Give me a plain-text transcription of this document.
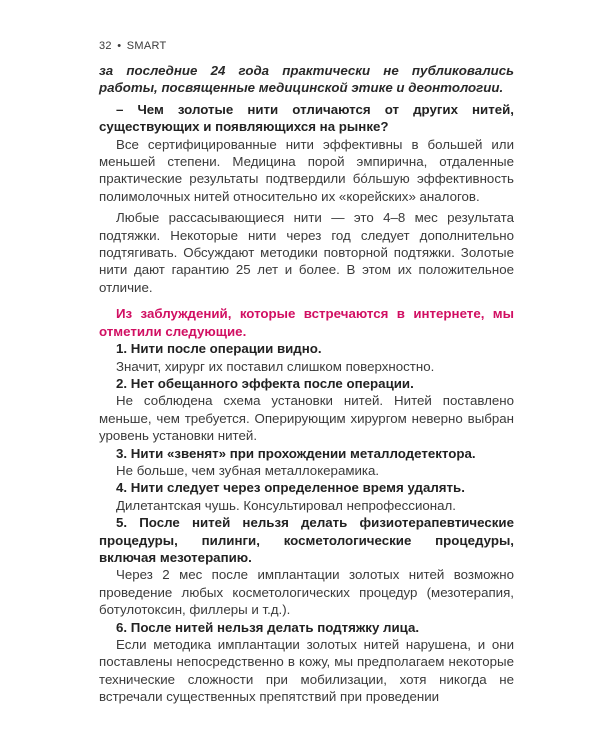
32 • SMART

за последние 24 года практически не публиковались работы, посвященные медицинской этике и деонтологии.

– Чем золотые нити отличаются от других нитей, существующих и появляющихся на рынке?

Все сертифицированные нити эффективны в большей или меньшей степени. Медицина порой эмпирична, отдаленные практические результаты подтвердили бóльшую эффективность полимолочных нитей относительно их «корейских» аналогов.

Любые рассасывающиеся нити — это 4–8 мес результата подтяжки. Некоторые нити через год следует дополнительно подтягивать. Обсуждают методики повторной подтяжки. Золотые нити дают гарантию 25 лет и более. В этом их положительное отличие.

Из заблуждений, которые встречаются в интернете, мы отметили следующие.

1. Нити после операции видно.

Значит, хирург их поставил слишком поверхностно.

2. Нет обещанного эффекта после операции.

Не соблюдена схема установки нитей. Нитей поставлено меньше, чем требуется. Оперирующим хирургом неверно выбран уровень установки нитей.

3. Нити «звенят» при прохождении металлодетектора.

Не больше, чем зубная металлокерамика.

4. Нити следует через определенное время удалять.

Дилетантская чушь. Консультировал непрофессионал.

5. После нитей нельзя делать физиотерапевтические процедуры, пилинги, косметологические процедуры, включая мезотерапию.

Через 2 мес после имплантации золотых нитей возможно проведение любых косметологических процедур (мезотерапия, ботулотоксин, филлеры и т.д.).

6. После нитей нельзя делать подтяжку лица.

Если методика имплантации золотых нитей нарушена, и они поставлены непосредственно в кожу, мы предполагаем некоторые технические сложности при мобилизации, хотя никогда не встречали существенных препятствий при проведении
